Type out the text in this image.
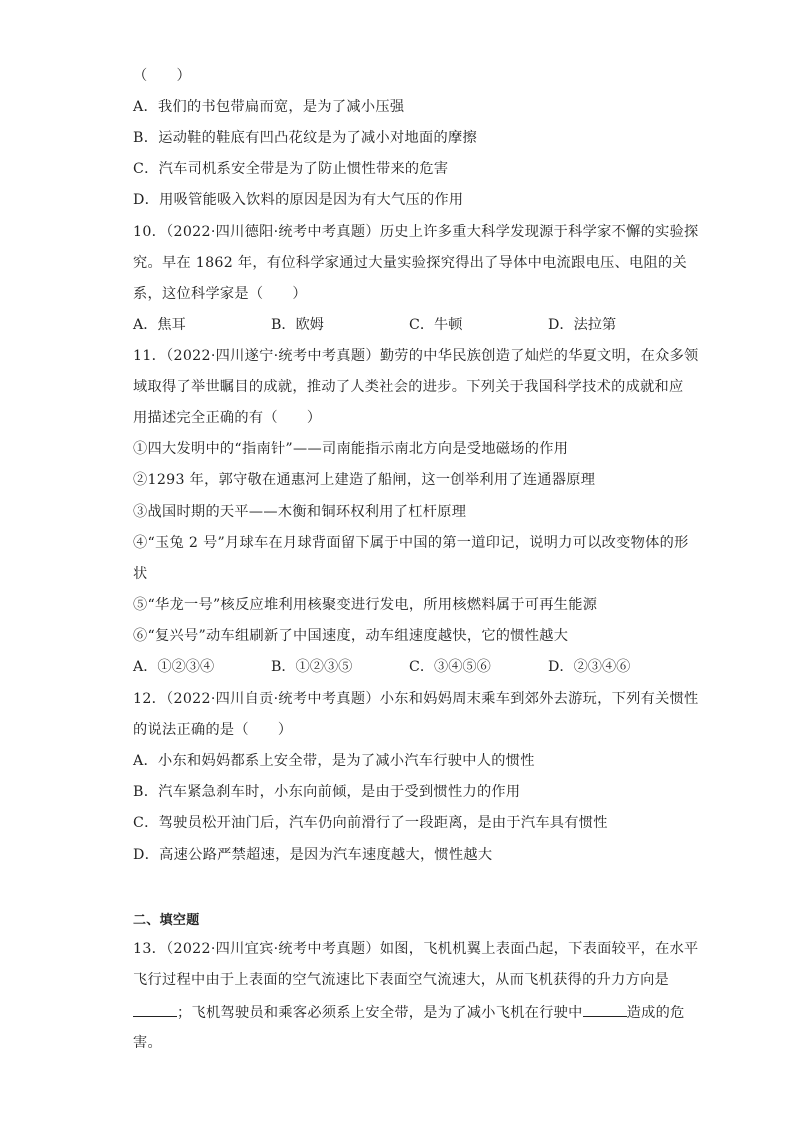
（　　）
A．我们的书包带扁而宽，是为了减小压强
B．运动鞋的鞋底有凹凸花纹是为了减小对地面的摩擦
C．汽车司机系安全带是为了防止惯性带来的危害
D．用吸管能吸入饮料的原因是因为有大气压的作用
10．（2022·四川德阳·统考中考真题）历史上许多重大科学发现源于科学家不懈的实验探
究。早在 1862 年，有位科学家通过大量实验探究得出了导体中电流跟电压、电阻的关
系，这位科学家是（　　）
A．焦耳	B．欧姆	C．牛顿	D．法拉第
11．（2022·四川遂宁·统考中考真题）勤劳的中华民族创造了灿烂的华夏文明，在众多领
域取得了举世瞩目的成就，推动了人类社会的进步。下列关于我国科学技术的成就和应
用描述完全正确的有（　　）
①四大发明中的“指南针”——司南能指示南北方向是受地磁场的作用
②1293 年，郭守敬在通惠河上建造了船闸，这一创举利用了连通器原理
③战国时期的天平——木衡和铜环权利用了杠杆原理
④“玉兔 2 号”月球车在月球背面留下属于中国的第一道印记，说明力可以改变物体的形
状
⑤“华龙一号”核反应堆利用核聚变进行发电，所用核燃料属于可再生能源
⑥“复兴号”动车组刷新了中国速度，动车组速度越快，它的惯性越大
A．①②③④	B．①②③⑤	C．③④⑤⑥	D．②③④⑥
12．（2022·四川自贡·统考中考真题）小东和妈妈周末乘车到郊外去游玩，下列有关惯性
的说法正确的是（　　）
A．小东和妈妈都系上安全带，是为了减小汽车行驶中人的惯性
B．汽车紧急刹车时，小东向前倾，是由于受到惯性力的作用
C．驾驶员松开油门后，汽车仍向前滑行了一段距离，是由于汽车具有惯性
D．高速公路严禁超速，是因为汽车速度越大，惯性越大
二、填空题
13．（2022·四川宜宾·统考中考真题）如图，飞机机翼上表面凸起，下表面较平，在水平
飞行过程中由于上表面的空气流速比下表面空气流速大，从而飞机获得的升力方向是
；飞机驾驶员和乘客必须系上安全带，是为了减小飞机在行驶中	造成的危
害。
